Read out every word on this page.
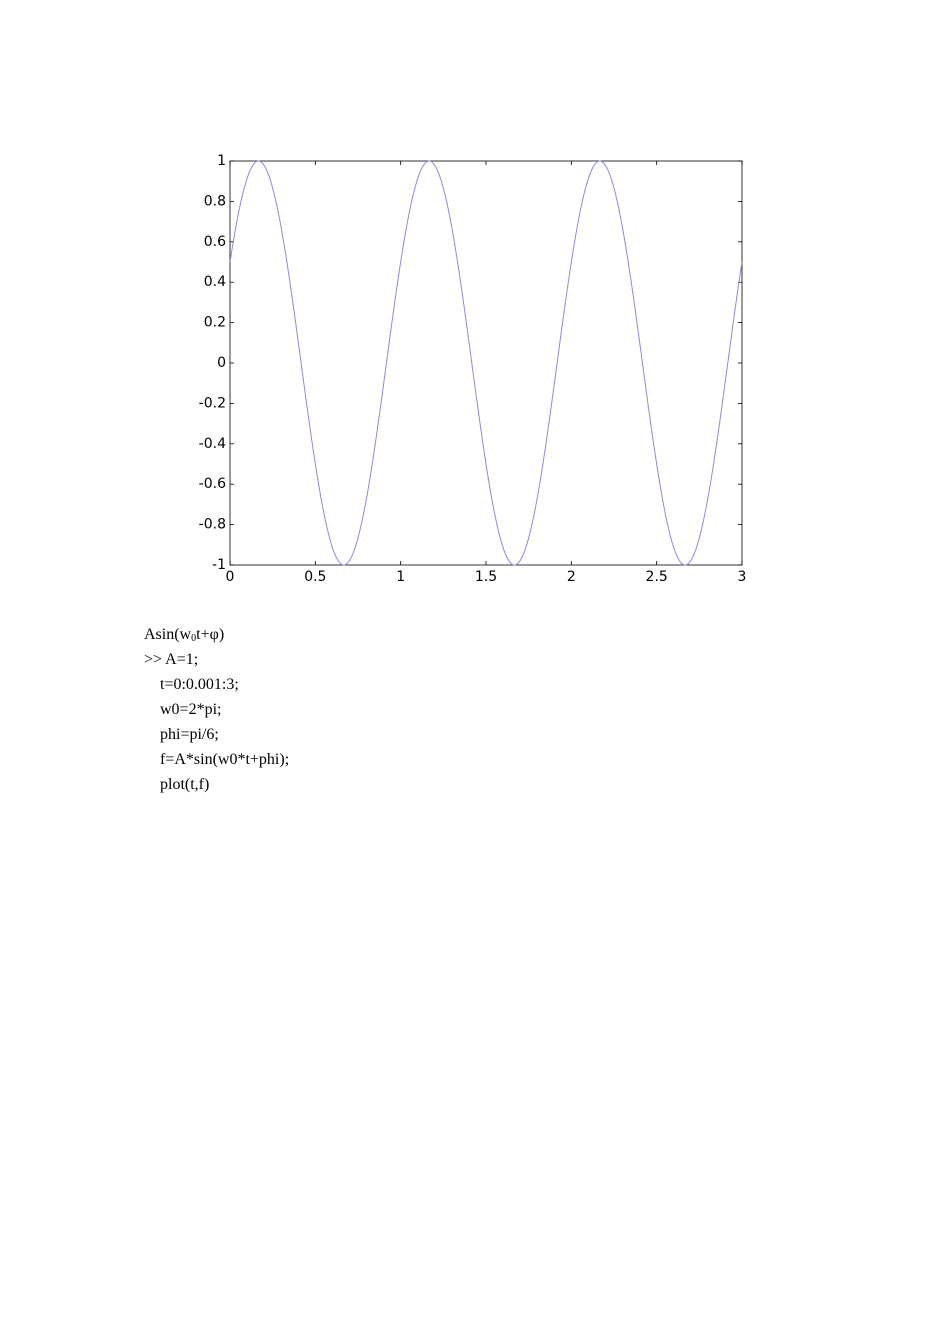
1
0.8
0.6
0.4
0.2
0
-0.2
-0.4
-0.6
-0.8
-1
0	0.5	1	1.5	2	2.5	3
$Asin(w_0t+\varphi)$
>> A=1;
t=0:0.001:3;
w0=2*pi;
phi=pi/6;
f=A*sin(w0*t+phi);
plot(t,f)
